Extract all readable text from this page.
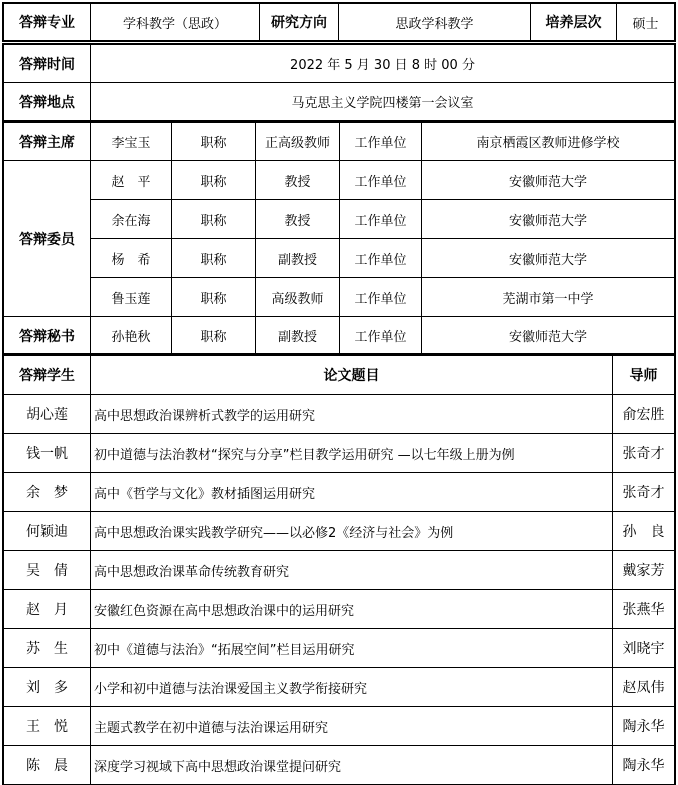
答辩专业	学科教学（思政）	研究方向	思政学科教学	培养层次	硕士
答辩时间	2022 年 5 月 30 日 8 时 00 分
答辩地点	马克思主义学院四楼第一会议室
答辩主席	李宝玉	职称	正高级教师	工作单位	南京栖霞区教师进修学校
答辩委员	赵　平	职称	教授	工作单位	安徽师范大学
	余在海	职称	教授	工作单位	安徽师范大学
	杨　希	职称	副教授	工作单位	安徽师范大学
	鲁玉莲	职称	高级教师	工作单位	芜湖市第一中学
答辩秘书	孙艳秋	职称	副教授	工作单位	安徽师范大学
答辩学生	论文题目	导师
胡心莲	高中思想政治课辨析式教学的运用研究	俞宏胜
钱一帆	初中道德与法治教材“探究与分享”栏目教学运用研究 —以七年级上册为例	张奇才
余　梦	高中《哲学与文化》教材插图运用研究	张奇才
何颖迪	高中思想政治课实践教学研究——以必修2《经济与社会》为例	孙　良
吴　倩	高中思想政治课革命传统教育研究	戴家芳
赵　月	安徽红色资源在高中思想政治课中的运用研究	张燕华
苏　生	初中《道德与法治》“拓展空间”栏目运用研究	刘晓宇
刘　多	小学和初中道德与法治课爱国主义教学衔接研究	赵凤伟
王　悦	主题式教学在初中道德与法治课运用研究	陶永华
陈　晨	深度学习视域下高中思想政治课堂提问研究	陶永华
